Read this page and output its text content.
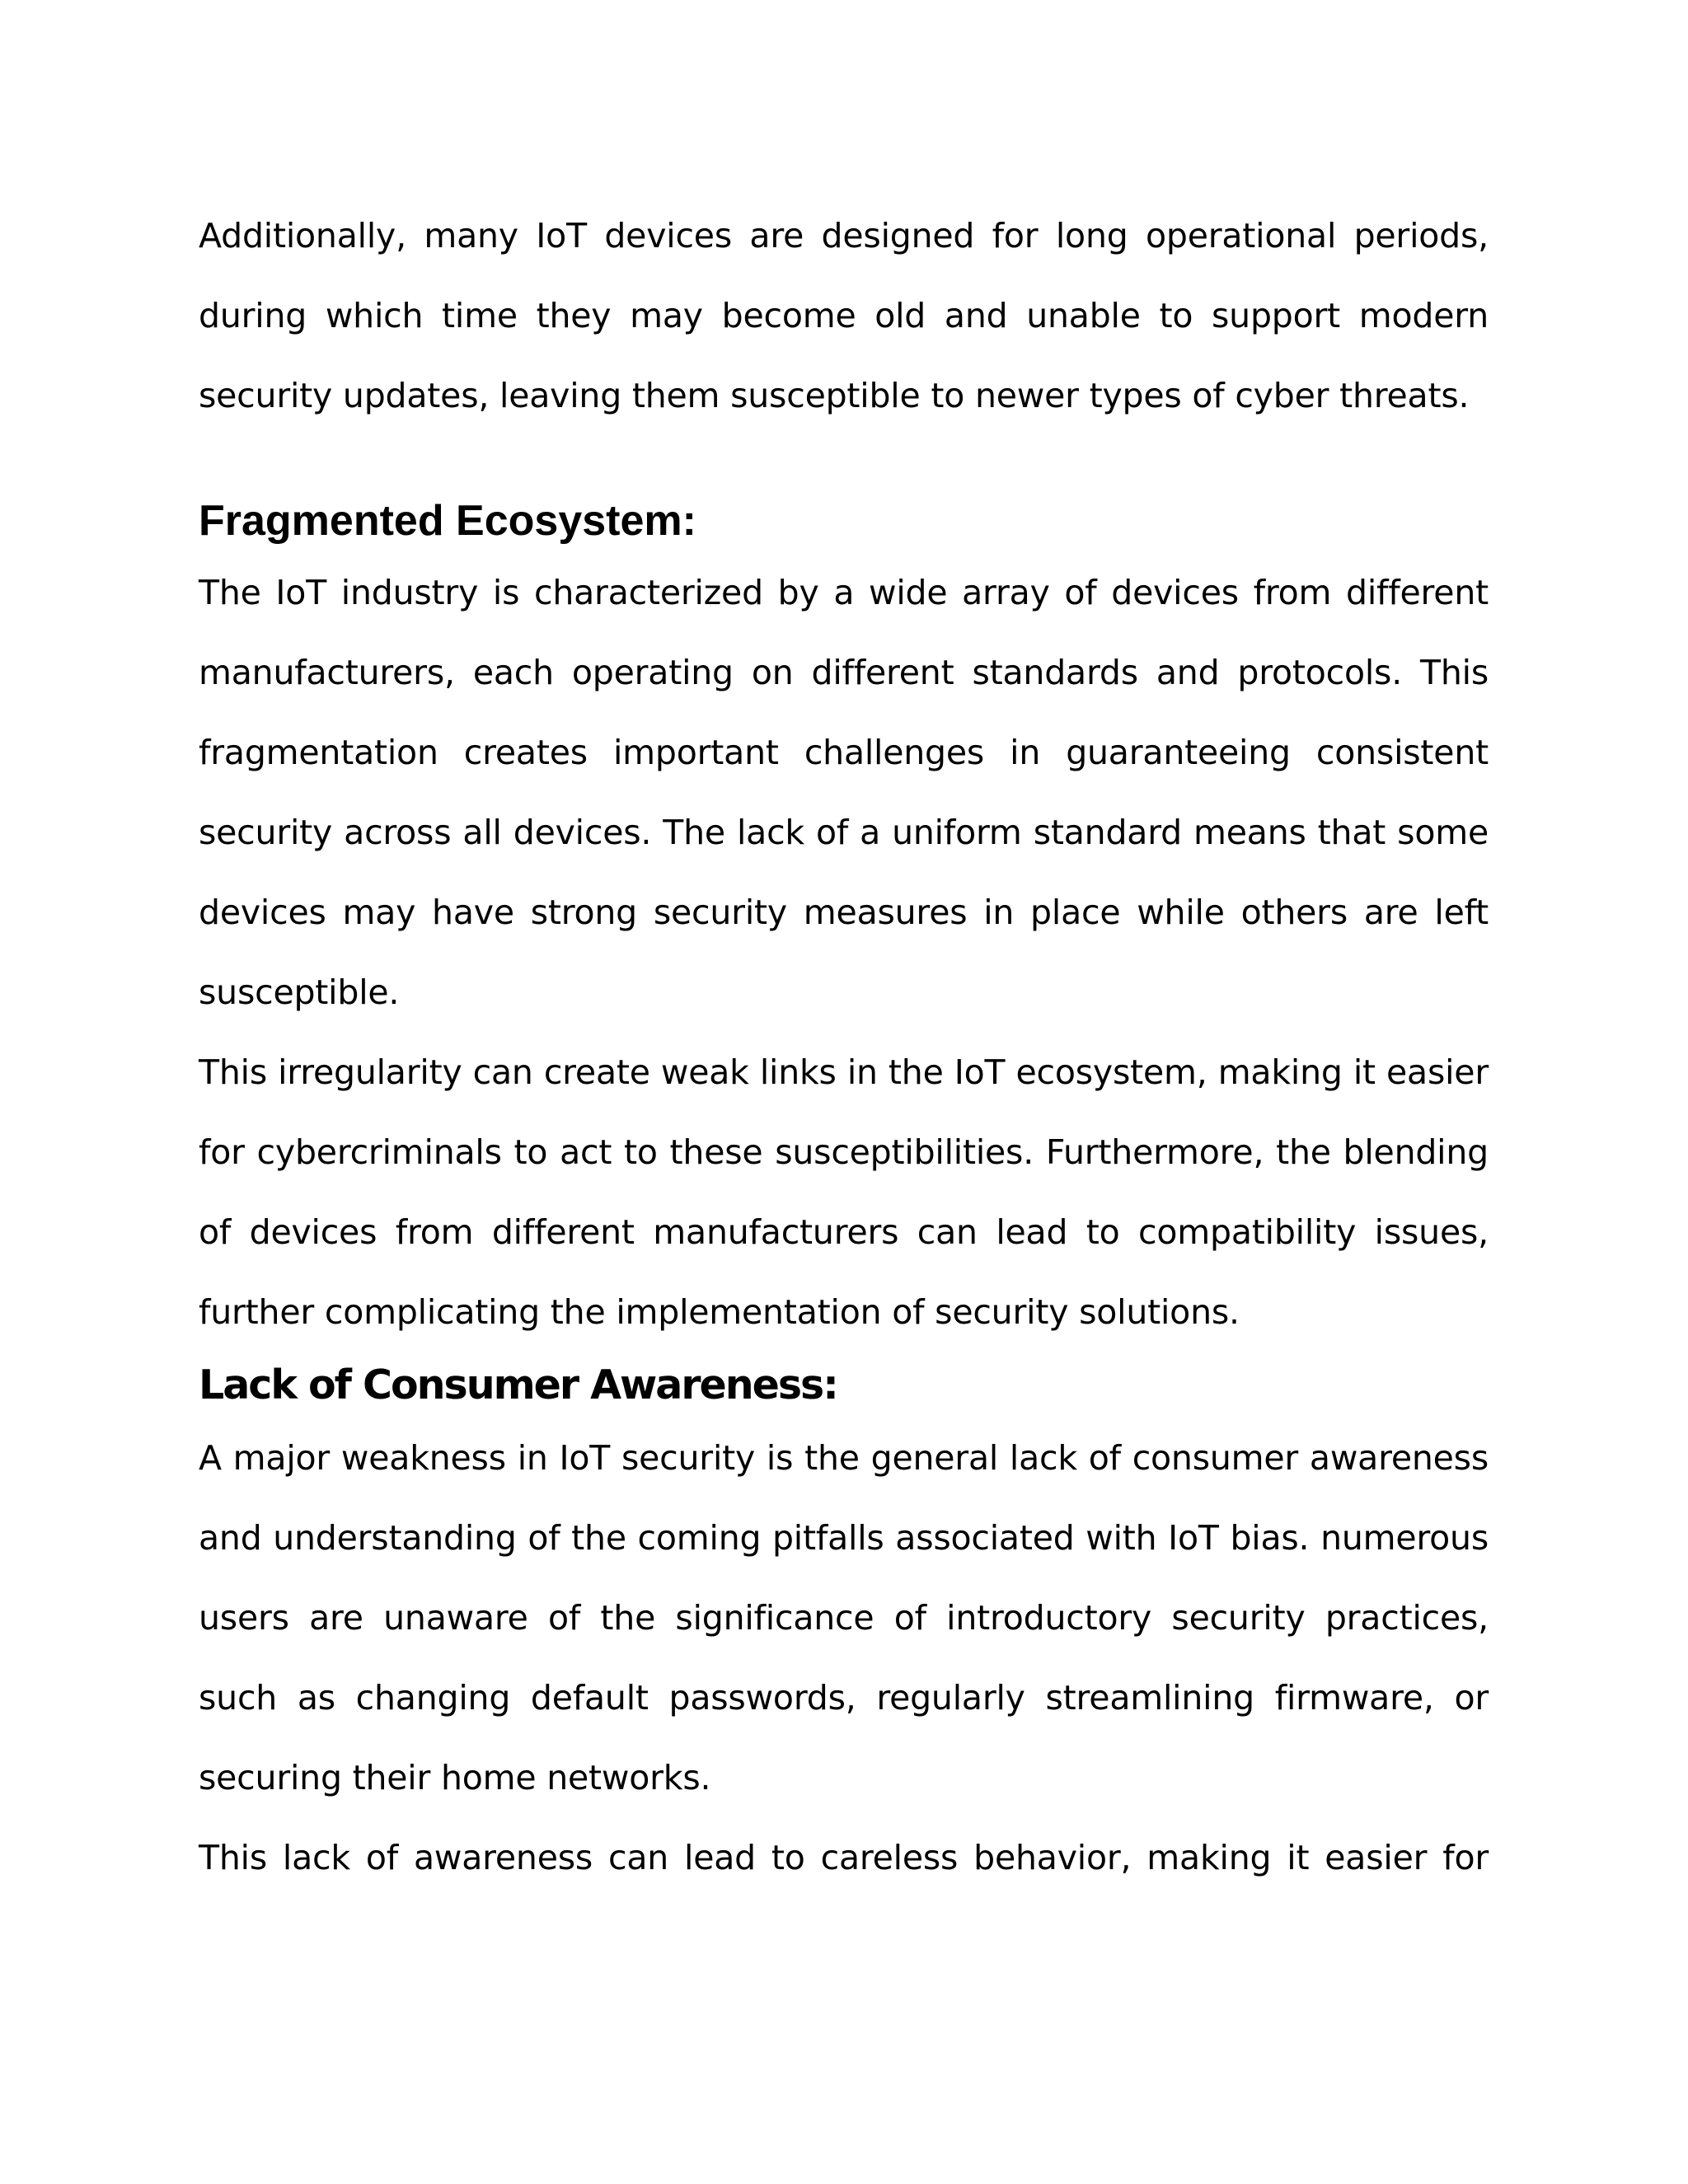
Additionally, many IoT devices are designed for long operational periods, during which time they may become old and unable to support modern security updates, leaving them susceptible to newer types of cyber threats.

Fragmented Ecosystem:

The IoT industry is characterized by a wide array of devices from different manufacturers, each operating on different standards and protocols. This fragmentation creates important challenges in guaranteeing consistent security across all devices. The lack of a uniform standard means that some devices may have strong security measures in place while others are left susceptible.

This irregularity can create weak links in the IoT ecosystem, making it easier for cybercriminals to act to these susceptibilities. Furthermore, the blending of devices from different manufacturers can lead to compatibility issues, further complicating the implementation of security solutions.

Lack of Consumer Awareness:

A major weakness in IoT security is the general lack of consumer awareness and understanding of the coming pitfalls associated with IoT bias. numerous users are unaware of the significance of introductory security practices, such as changing default passwords, regularly streamlining firmware, or securing their home networks.

This lack of awareness can lead to careless behavior, making it easier for
